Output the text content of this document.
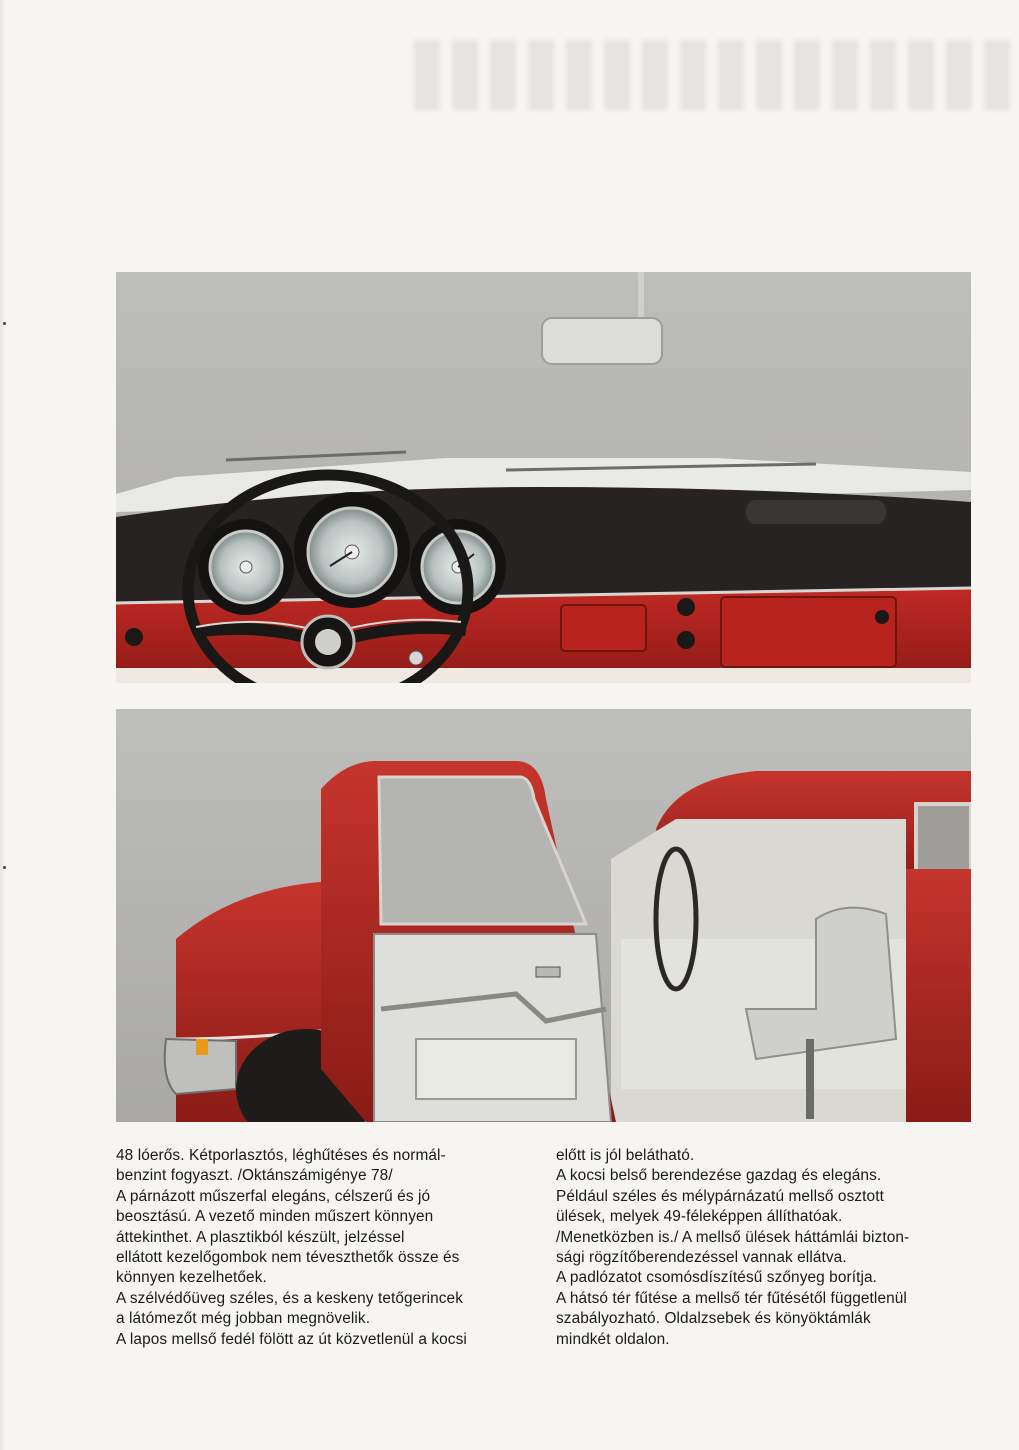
48 lóerős. Kétporlasztós, léghűtéses és normál-

benzint fogyaszt. /Oktánszámigénye 78/

A párnázott műszerfal elegáns, célszerű és jó

beosztású. A vezető minden műszert könnyen

áttekinthet. A plasztikból készült, jelzéssel

ellátott kezelőgombok nem téveszthetők össze és

könnyen kezelhetőek.

A szélvédőüveg széles, és a keskeny tetőgerincek

a látómezőt még jobban megnövelik.

A lapos mellső fedél fölött az út közvetlenül a kocsi

előtt is jól belátható.

A kocsi belső berendezése gazdag és elegáns.

Például széles és mélypárnázatú mellső osztott

ülések, melyek 49-féleképpen állíthatóak.

/Menetközben is./ A mellső ülések háttámlái bizton-

sági rögzítőberendezéssel vannak ellátva.

A padlózatot csomósdíszítésű szőnyeg borítja.

A hátsó tér fűtése a mellső tér fűtésétől függetlenül

szabályozható. Oldalzsebek és könyöktámlák

mindkét oldalon.
